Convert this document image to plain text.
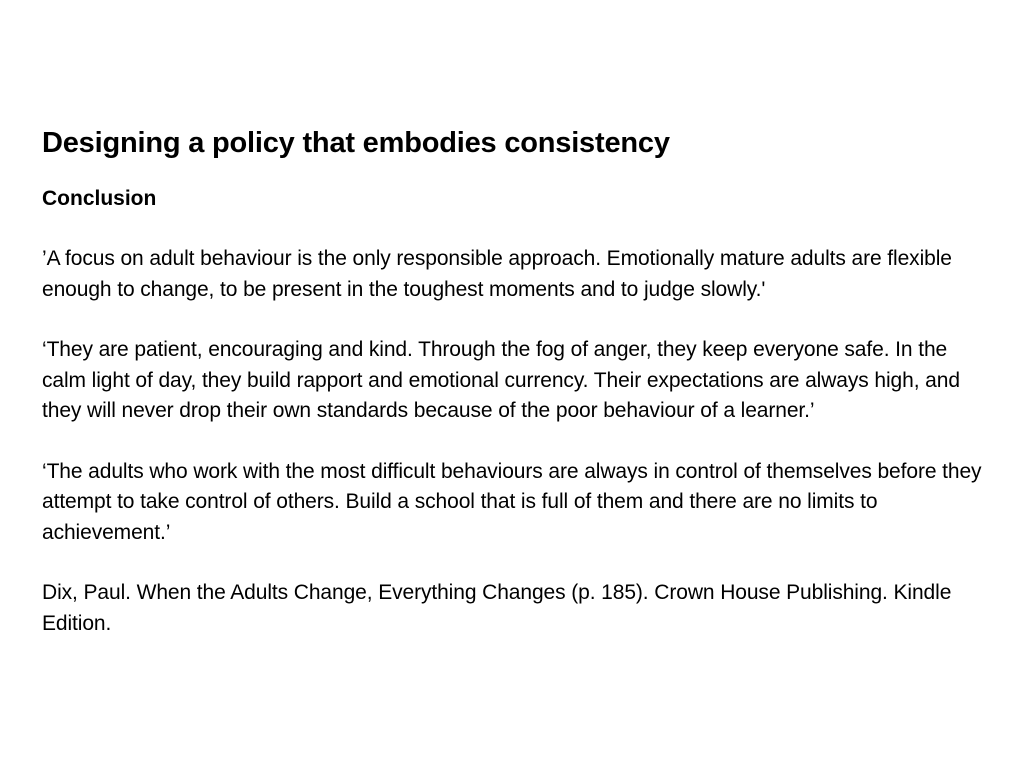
Designing a policy that embodies consistency

Conclusion

’A focus on adult behaviour is the only responsible approach. Emotionally mature adults are flexible enough to change, to be present in the toughest moments and to judge slowly.'

‘They are patient, encouraging and kind. Through the fog of anger, they keep everyone safe. In the calm light of day, they build rapport and emotional currency. Their expectations are always high, and they will never drop their own standards because of the poor behaviour of a learner.’

‘The adults who work with the most difficult behaviours are always in control of themselves before they attempt to take control of others. Build a school that is full of them and there are no limits to achievement.’

Dix, Paul. When the Adults Change, Everything Changes (p. 185). Crown House Publishing. Kindle Edition.
